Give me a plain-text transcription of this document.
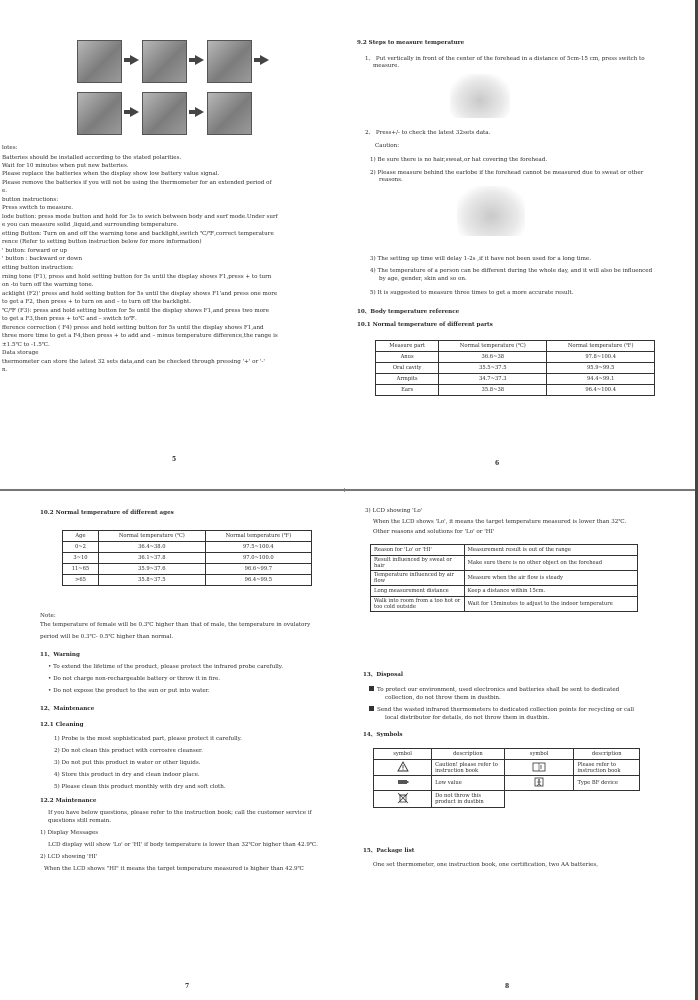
lotes:
Batteries should be installed according to the stated polarities.
Wait for 10 minutes when put new batteries.
Please replace the batteries when the display show low battery value signal.
Please remove the batteries if you will not be using the thermometer for an extended period of
e.
button instructions:
Press switch to measure.
lode button: press mode button and hold for 3s to swich between body and surf mode.Under surf
e you can measure solid ,liquid,and surrounding temperature.
etting Button: Turn on and off the warning tone and backlight,switch ℃/℉,correct temperature
rence (Refer to setting button instruction below for more information)
' button: forward or up
' button : backward or down
etting button instruction:
rning tone (F1), press and hold setting button for 5s until the display shows F1,press + to turn
on -to turn off the warning tone.
acklight (F2)' press and hold setting button for 5s until the display shows F1'and press one more
to get a F2, then press + to turn on and – to turn off the backlight.
℃/℉ (F3): press and hold setting button for 5s until the display shows F1,and press two more
to get a F3,then press + to℃ and – switch to℉.
fference correction ( F4) press and hold setting button for 5s until the display shows F1,and
three more time to get a F4,then press + to add and – minus temperature difference,the range is
±1.5℃ to -1.5℃.
Data storage
thermometer can store the latest 32 sets data,and can be checked through pressing '+' or '-'
n.
5
9.2 Steps to measure temperature
1、 Put vertically in front of the center of the forehead in a distance of 5cm-15 cm, press switch to
measure.
2、 Press+/- to check the latest 32sets data.
Caution:
1) Be sure there is no hair,sweat,or hat covering the forehead.
2) Please measure behind the earlobe if the forehead cannot be measured due to sweat or other
reasons.
3) The setting up time will delay 1-2s ,if it have not been used for a long time.
4) The temperature of a person can be different during the whole day, and it will also be influenced
by age, gender, skin and so on.
5) It is suggested to measure three times to get a more accurate result.
10、Body temperature reference
10.1 Normal temperature of different parts
Measure part	Normal temperature (℃)	Normal temperature (℉)
Anus	36.6~38	97.8~100.4
Oral cavity	35.5~37.5	95.9~99.5
Armpits	34.7~37.3	94.4~99.1
Ears	35.8~38	96.4~100.4
6
10.2 Normal temperature of different ages
Age	Normal temperature (℃)	Normal temperature (℉)
0~2	36.4~38.0	97.5~100.4
3~10	36.1~37.8	97.0~100.0
11~65	35.9~37.6	96.6~99.7
>65	35.8~37.5	96.4~99.5
Note:
The temperature of female will be 0.3℃ higher than that of male, the temperature in ovulatory
period will be 0.3℃- 0.5℃ higher than normal.
11、Warning
• To extend the lifetime of the product, please protect the infrared probe carefully.
• Do not charge non-rechargeable battery or throw it in fire.
• Do not expose the product to the sun or put into water.
12、Maintenance
12.1 Cleaning
1) Probe is the most sophisticated part, please protect it carefully.
2) Do not clean this product with corrosive cleanser.
3) Do not put this product in water or other liquids.
4) Store this product in dry and clean indoor place.
5) Please clean this product monthly with dry and soft cloth.
12.2 Maintenance
If you have below questions, please refer to the instruction book; call the customer service if
questions still remain.
1) Display Messages
LCD display will show 'Lo' or 'HI' if body temperature is lower than 32℃or higher than 42.9℃.
2) LCD showing 'HI'
When the LCD shows "HI" it means the target temperature measured is higher than 42.9℃
7
3) LCD showing 'Lo'
When the LCD shows 'Lo', it means the target temperature measured is lower than 32℃.
Other reasons and solutions for 'Lo' or 'HI'
Reason for 'Lo' or 'HI'	Measurement result is out of the range
Result influenced by sweat or hair	Make sure there is no other object on the forehead
Temperature influenced by air flow	Measure when the air flow is steady
Long measurement distance	Keep a distance within 15cm.
Walk into room from a too hot or too cold outside	Wait for 15minutes to adjust to the indoor temperature
13、Disposal
To protect our environment, used electronics and batteries shall be sent to dedicated
collection, do not throw them in dustbin.
Send the wasted infrared thermometers to dedicated collection points for recycling or call
local distributor for details, do not throw them in dustbin.
14、Symbols
symbol	description	symbol	description
	Caution! please refer to instruction book		Please refer to instruction book
	Low value		Type BF device
	Do not throw this product in dustbin		
15、Package list
One set thermometer, one instruction book, one certification, two AA batteries。
8
